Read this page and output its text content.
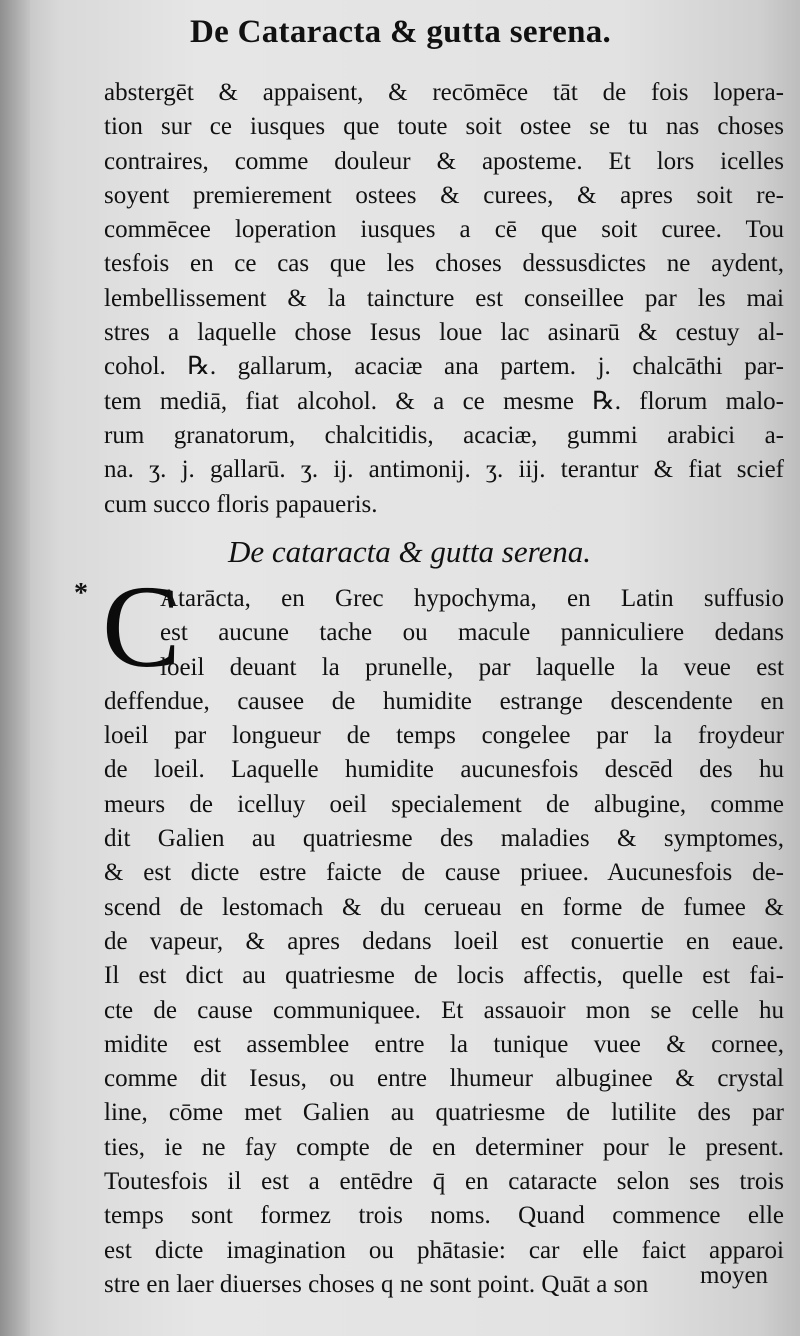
De Cataracta & gutta serena.
abstergēt & appaisent, & recōmēce tāt de fois lopera-
tion sur ce iusques que toute soit ostee se tu nas choses
contraires, comme douleur & aposteme. Et lors icelles
soyent premierement ostees & curees, & apres soit re-
commēcee loperation iusques a cē que soit curee. Tou
tesfois en ce cas que les choses dessusdictes ne aydent,
lembellissement & la taincture est conseillee par les mai
stres a laquelle chose Iesus loue lac asinarū & cestuy al-
cohol. ℞. gallarum, acaciæ ana partem. j. chalcāthi par-
tem mediā, fiat alcohol. & a ce mesme ℞. florum malo-
rum granatorum, chalcitidis, acaciæ, gummi arabici a-
na. ʒ. j. gallarū. ʒ. ij. antimonij. ʒ. iij. terantur & fiat scief
cum succo floris papaueris.
De cataracta & gutta serena.
* C
Atarācta, en Grec hypochyma, en Latin suffusio
est aucune tache ou macule panniculiere dedans
loeil deuant la prunelle, par laquelle la veue est
deffendue, causee de humidite estrange descendente en
loeil par longueur de temps congelee par la froydeur
de loeil. Laquelle humidite aucunesfois descēd des hu
meurs de icelluy oeil specialement de albugine, comme
dit Galien au quatriesme des maladies & symptomes,
& est dicte estre faicte de cause priuee. Aucunesfois de-
scend de lestomach & du cerueau en forme de fumee &
de vapeur, & apres dedans loeil est conuertie en eaue.
Il est dict au quatriesme de locis affectis, quelle est fai-
cte de cause communiquee. Et assauoir mon se celle hu
midite est assemblee entre la tunique vuee & cornee,
comme dit Iesus, ou entre lhumeur albuginee & crystal
line, cōme met Galien au quatriesme de lutilite des par
ties, ie ne fay compte de en determiner pour le present.
Toutesfois il est a entēdre q̄ en cataracte selon ses trois
temps sont formez trois noms. Quand commence elle
est dicte imagination ou phātasie: car elle faict apparoi
stre en laer diuerses choses q ne sont point. Quāt a son	moyen
